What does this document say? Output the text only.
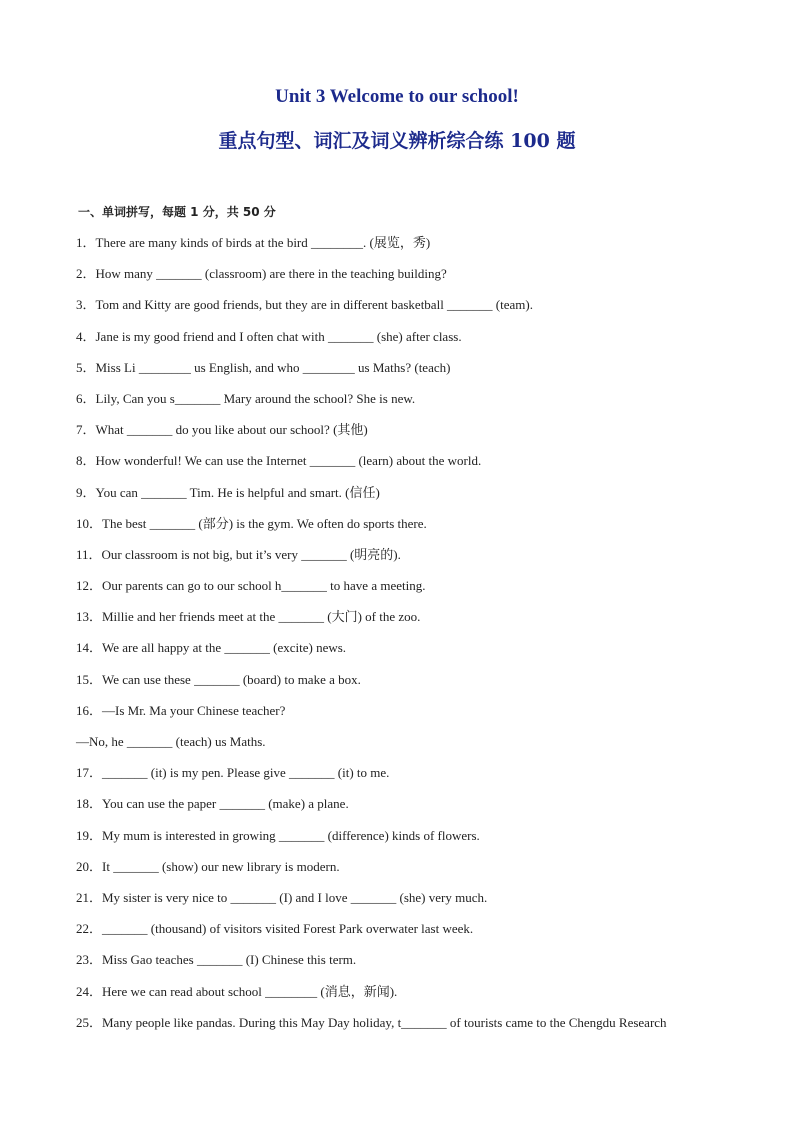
Unit 3 Welcome to our school!
重点句型、词汇及词义辨析综合练 100 题
一、单词拼写，每题 1 分，共 50 分
1．There are many kinds of birds at the bird ________. (展览，秀)
2．How many _______ (classroom) are there in the teaching building?
3．Tom and Kitty are good friends, but they are in different basketball _______ (team).
4．Jane is my good friend and I often chat with _______ (she) after class.
5．Miss Li ________ us English, and who ________ us Maths? (teach)
6．Lily, Can you s_______ Mary around the school? She is new.
7．What _______ do you like about our school? (其他)
8．How wonderful! We can use the Internet _______ (learn) about the world.
9．You can _______ Tim. He is helpful and smart. (信任)
10．The best _______ (部分) is the gym. We often do sports there.
11．Our classroom is not big, but it’s very _______ (明亮的).
12．Our parents can go to our school h_______ to have a meeting.
13．Millie and her friends meet at the _______ (大门) of the zoo.
14．We are all happy at the _______ (excite) news.
15．We can use these _______ (board) to make a box.
16．—Is Mr. Ma your Chinese teacher?
—No, he _______ (teach) us Maths.
17．_______ (it) is my pen. Please give _______ (it) to me.
18．You can use the paper _______ (make) a plane.
19．My mum is interested in growing _______ (difference) kinds of flowers.
20．It _______ (show) our new library is modern.
21．My sister is very nice to _______ (I) and I love _______ (she) very much.
22．_______ (thousand) of visitors visited Forest Park overwater last week.
23．Miss Gao teaches _______ (I) Chinese this term.
24．Here we can read about school ________ (消息，新闻).
25．Many people like pandas. During this May Day holiday, t_______ of tourists came to the Chengdu Research
